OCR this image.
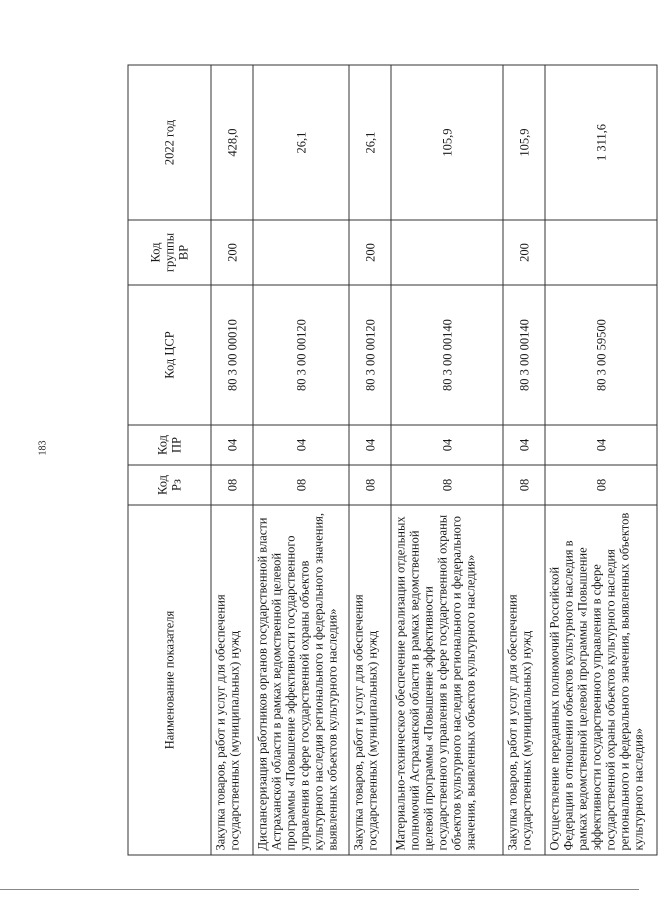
183
Наименование показателя	Код Рз	Код ПР	Код ЦСР	Код группы ВР	2022 год
Закупка товаров, работ и услуг для обеспечения государственных (муниципальных) нужд	08	04	80 3 00 00010	200	428,0
Диспансеризация работников органов государственной власти Астраханской области в рамках ведомственной целевой программы «Повышение эффективности государственного управления в сфере государственной охраны объектов культурного наследия регионального и федерального значения, выявленных объектов культурного наследия»	08	04	80 3 00 00120		26,1
Закупка товаров, работ и услуг для обеспечения государственных (муниципальных) нужд	08	04	80 3 00 00120	200	26,1
Материально-техническое обеспечение реализации отдельных полномочий Астраханской области в рамках ведомственной целевой программы «Повышение эффективности государственного управления в сфере государственной охраны объектов культурного наследия регионального и федерального значения, выявленных объектов культурного наследия»	08	04	80 3 00 00140		105,9
Закупка товаров, работ и услуг для обеспечения государственных (муниципальных) нужд	08	04	80 3 00 00140	200	105,9
Осуществление переданных полномочий Российской Федерации в отношении объектов культурного наследия в рамках ведомственной целевой программы «Повышение эффективности государственного управления в сфере государственной охраны объектов культурного наследия регионального и федерального значения, выявленных объектов культурного наследия»	08	04	80 3 00 59500		1 311,6
